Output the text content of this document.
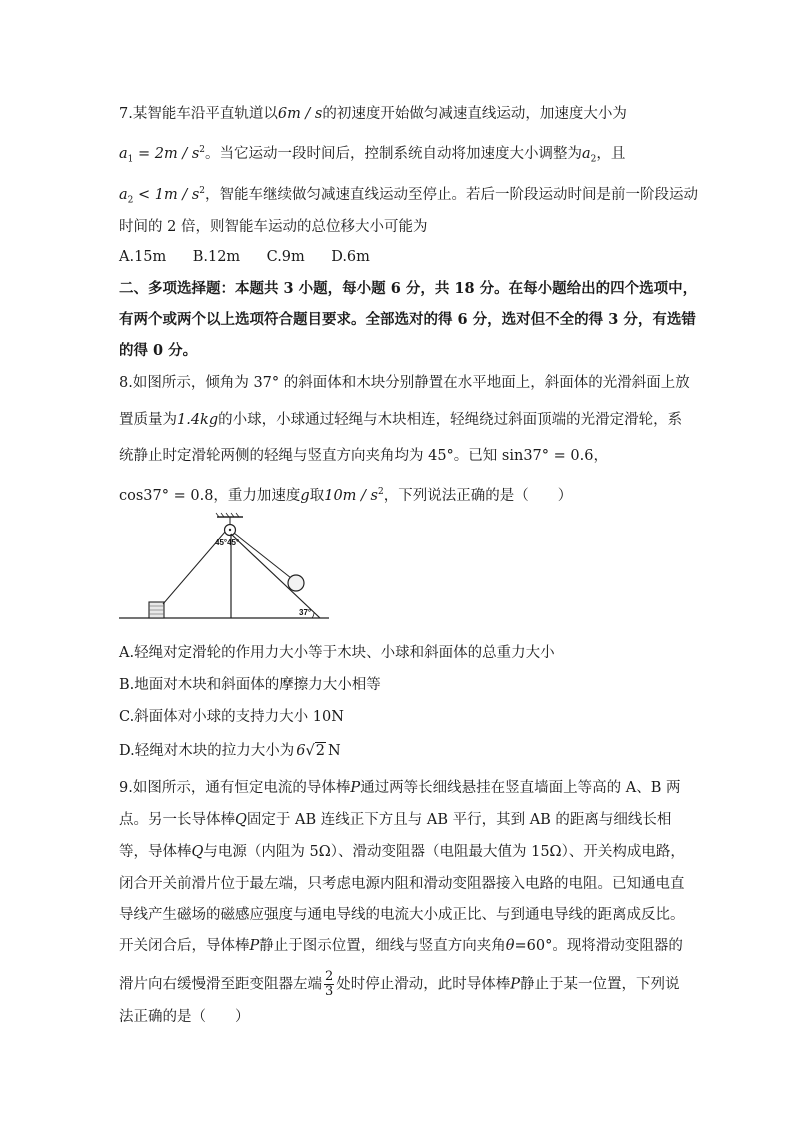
7.某智能车沿平直轨道以6m / s的初速度开始做匀减速直线运动，加速度大小为
$a_1 = 2m / s^2$。当它运动一段时间后，控制系统自动将加速度大小调整为$a_2$，且
$a_2 < 1m / s^2$，智能车继续做匀减速直线运动至停止。若后一阶段运动时间是前一阶段运动
时间的 2 倍，则智能车运动的总位移大小可能为
A.15m    B.12m    C.9m    D.6m
二、多项选择题：本题共 3 小题，每小题 6 分，共 18 分。在每小题给出的四个选项中，
有两个或两个以上选项符合题目要求。全部选对的得 6 分，选对但不全的得 3 分，有选错
的得 0 分。
8.如图所示，倾角为 37° 的斜面体和木块分别静置在水平地面上，斜面体的光滑斜面上放
置质量为1.4kg的小球，小球通过轻绳与木块相连，轻绳绕过斜面顶端的光滑定滑轮，系
统静止时定滑轮两侧的轻绳与竖直方向夹角均为 45°。已知 sin37° = 0.6，
cos37° = 0.8，重力加速度g取$10m / s^2$，下列说法正确的是（　　）
45°45°
37°
A.轻绳对定滑轮的作用力大小等于木块、小球和斜面体的总重力大小
B.地面对木块和斜面体的摩擦力大小相等
C.斜面体对小球的支持力大小 10N
D.轻绳对木块的拉力大小为 6√2 N
9.如图所示，通有恒定电流的导体棒P通过两等长细线悬挂在竖直墙面上等高的 A、B 两
点。另一长导体棒Q固定于 AB 连线正下方且与 AB 平行，其到 AB 的距离与细线长相
等，导体棒Q与电源（内阻为 5Ω）、滑动变阻器（电阻最大值为 15Ω）、开关构成电路，
闭合开关前滑片位于最左端，只考虑电源内阻和滑动变阻器接入电路的电阻。已知通电直
导线产生磁场的磁感应强度与通电导线的电流大小成正比、与到通电导线的距离成反比。
开关闭合后，导体棒P静止于图示位置，细线与竖直方向夹角θ=60°。现将滑动变阻器的
滑片向右缓慢滑至距变阻器左端 $\frac{2}{3}$ 处时停止滑动，此时导体棒P静止于某一位置，下列说
法正确的是（　　）
